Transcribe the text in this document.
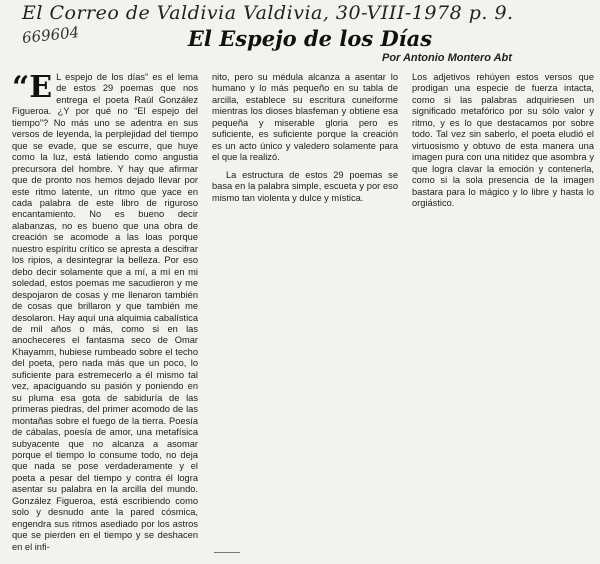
El Correo de Valdivia Valdivia, 30-VIII-1978 p. 9.
669604	El Espejo de los Días
Por Antonio Montero Abt

“E L espejo de los días” es el lema de estos 29 poemas que nos entrega el poeta Raúl González Figueroa. ¿Y por qué no “El espejo del tiempo”? No más uno se adentra en sus versos de leyenda, la perplejidad del tiempo que se evade, que se escurre, que huye como la luz, está latiendo como angustia precursora del hombre. Y hay que afirmar que de pronto nos hemos dejado llevar por este ritmo latente, un ritmo que yace en cada palabra de este libro de riguroso encantamiento. No es bueno decir alabanzas, no es bueno que una obra de creación se acomode a las loas porque nuestro espíritu crítico se apresta a descifrar los ripios, a desintegrar la belleza. Por eso debo decir solamente que a mí, a mí en mi soledad, estos poemas me sacudieron y me despojaron de cosas y me llenaron también de cosas que brillaron y que también me desolaron. Hay aquí una alquimia cabalística de mil años o más, como si en las anocheceres el fantasma seco de Omar Khayamm, hubiese rumbeado sobre el techo del poeta, pero nada más que un poco, lo suficiente para estremecerlo a él mismo tal vez, apaciguando su pasión y poniendo en su pluma esa gota de sabiduría de las primeras piedras, del primer acomodo de las montañas sobre el fuego de la tierra. Poesía de cábalas, poesía de amor, una metafísica subyacente que no alcanza a asomar porque el tiempo lo consume todo, no deja que nada se pose verdaderamente y el poeta a pesar del tiempo y contra él logra asentar su palabra en la arcilla del mundo. González Figueroa, está escribiendo como solo y desnudo ante la pared cósmica, engendra sus ritmos asediado por los astros que se pierden en el tiempo y se deshacen en el infi-

nito, pero su médula alcanza a asentar lo humano y lo más pequeño en su tabla de arcilla, establece su escritura cuneiforme mientras los dioses blasfeman y obtiene esa pequeña y miserable gloria pero es suficiente, es suficiente porque la creación es un acto único y valedero solamente para el que la realizó.

La estructura de estos 29 poemas se basa en la palabra simple, escueta y por eso mismo tan violenta y dulce y mística.

Los adjetivos rehúyen estos versos que prodigan una especie de fuerza intacta, como si las palabras adquiriesen un significado metafórico por su sólo valor y ritmo, y es lo que destacamos por sobre todo. Tal vez sin saberlo, el poeta eludió el virtuosismo y obtuvo de esta manera una imagen pura con una nitidez que asombra y que logra clavar la emoción y contenerla, como si la sola presencia de la imagen bastara para lo mágico y lo libre y hasta lo orgiástico.
